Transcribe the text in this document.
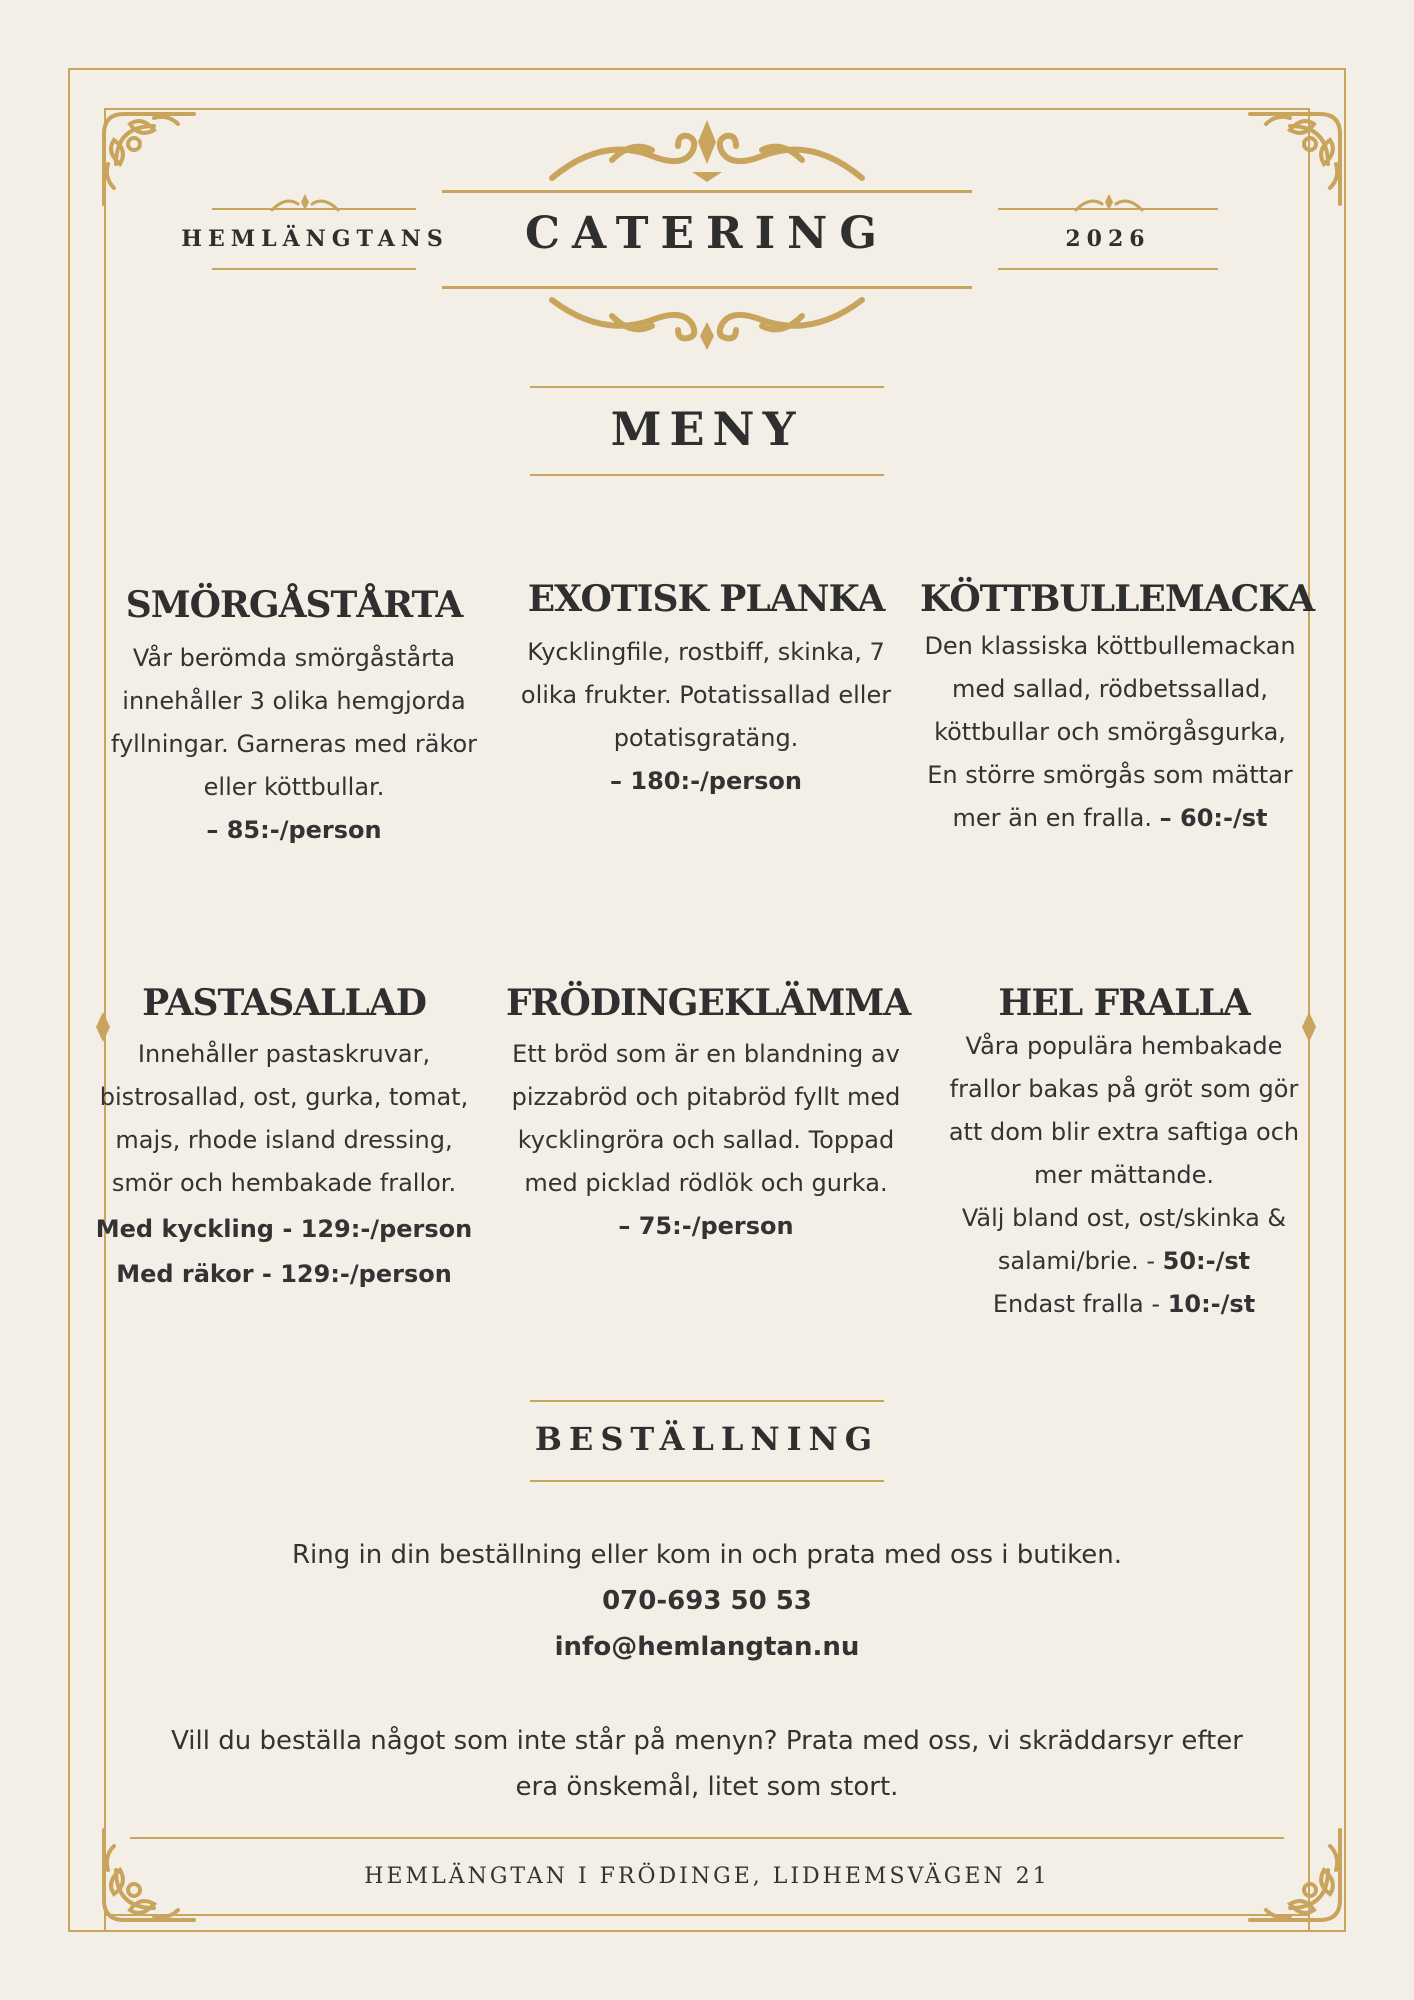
CATERING
HEMLÄNGTANS	2026
MENY
SMÖRGÅSTÅRTA

Vår berömda smörgåstårta innehåller 3 olika hemgjorda fyllningar. Garneras med räkor eller köttbullar.
– 85:-/person

EXOTISK PLANKA

Kycklingfile, rostbiff, skinka, 7 olika frukter. Potatissallad eller potatisgratäng.
– 180:-/person

KÖTTBULLEMACKA

Den klassiska köttbullemackan med sallad, rödbetssallad, köttbullar och smörgåsgurka, En större smörgås som mättar mer än en fralla. – 60:-/st

PASTASALLAD

Innehåller pastaskruvar, bistrosallad, ost, gurka, tomat, majs, rhode island dressing, smör och hembakade frallor.

Med kyckling - 129:-/person
Med räkor - 129:-/person

FRÖDINGEKLÄMMA

Ett bröd som är en blandning av pizzabröd och pitabröd fyllt med kycklingröra och sallad. Toppad med picklad rödlök och gurka.
– 75:-/person

HEL FRALLA

Våra populära hembakade frallor bakas på gröt som gör att dom blir extra saftiga och mer mättande.
Välj bland ost, ost/skinka & salami/brie. - 50:-/st
Endast fralla - 10:-/st

BESTÄLLNING
Ring in din beställning eller kom in och prata med oss i butiken.
070-693 50 53
info@hemlangtan.nu
Vill du beställa något som inte står på menyn? Prata med oss, vi skräddarsyr efter era önskemål, litet som stort.
HEMLÄNGTAN I FRÖDINGE, LIDHEMSVÄGEN 21
